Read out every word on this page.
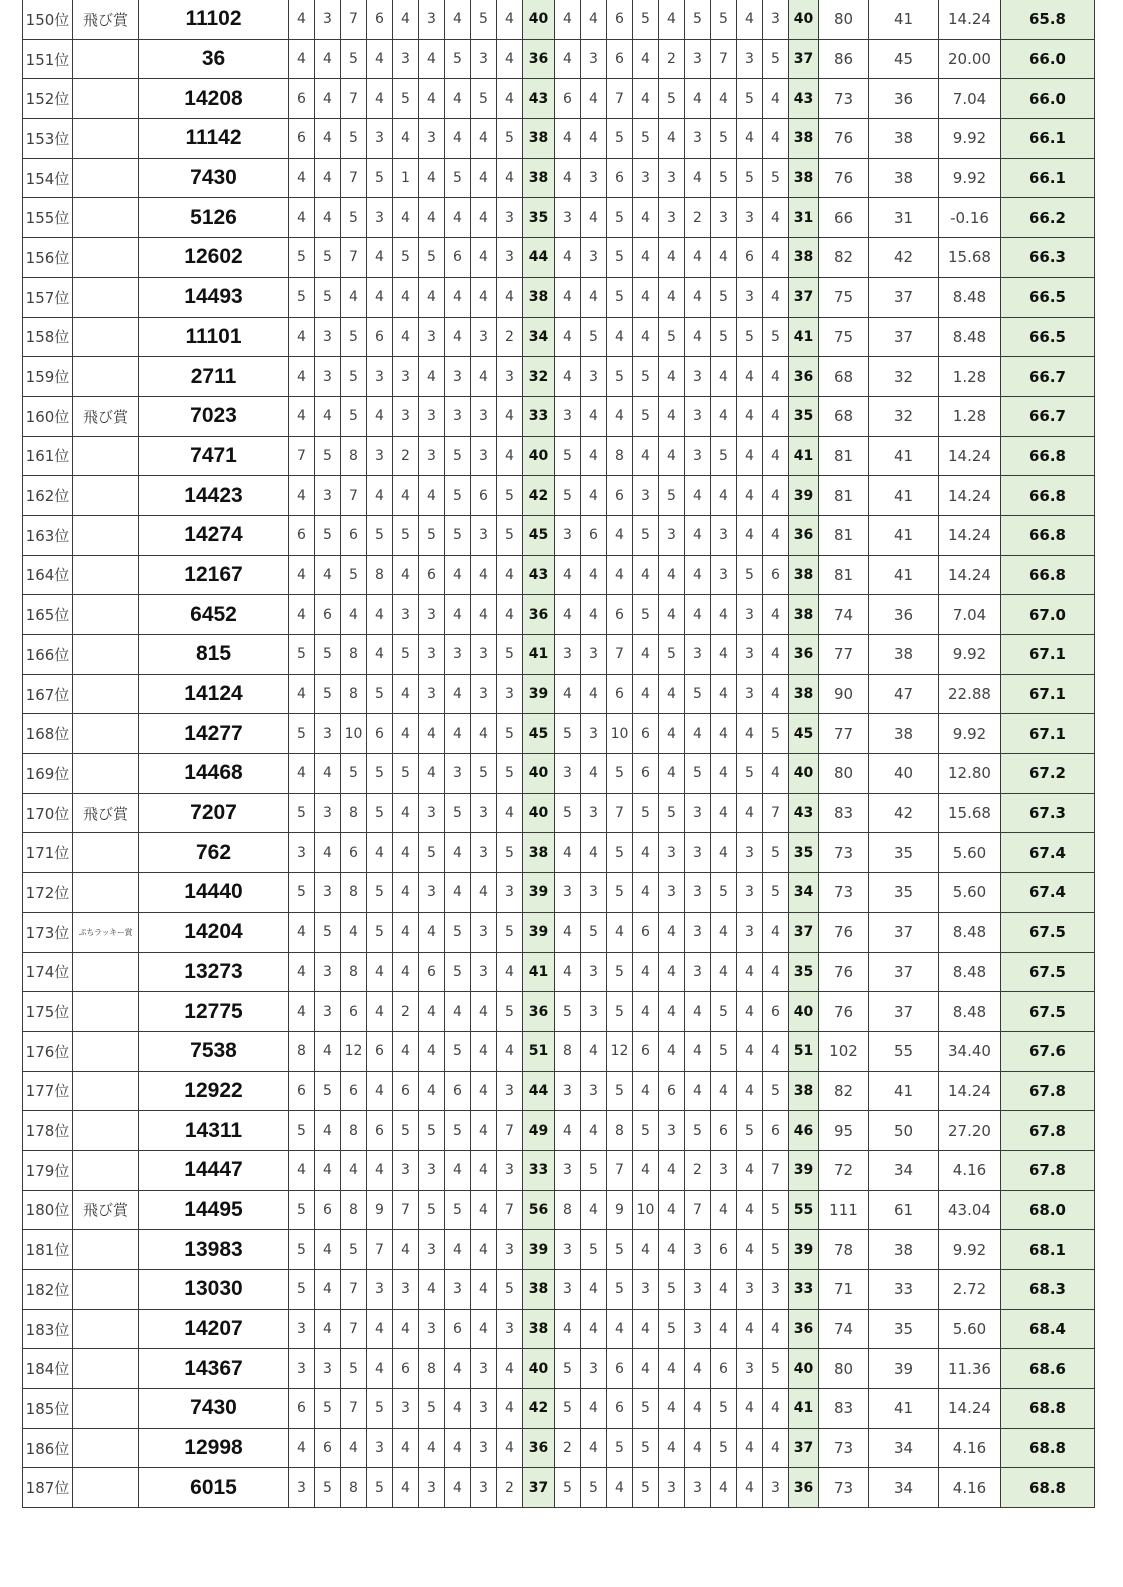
150位	飛び賞	11102	4	3	7	6	4	3	4	5	4	40	4	4	6	5	4	5	5	4	3	40	80	41	14.24	65.8
151位		36	4	4	5	4	3	4	5	3	4	36	4	3	6	4	2	3	7	3	5	37	86	45	20.00	66.0
152位		14208	6	4	7	4	5	4	4	5	4	43	6	4	7	4	5	4	4	5	4	43	73	36	7.04	66.0
153位		11142	6	4	5	3	4	3	4	4	5	38	4	4	5	5	4	3	5	4	4	38	76	38	9.92	66.1
154位		7430	4	4	7	5	1	4	5	4	4	38	4	3	6	3	3	4	5	5	5	38	76	38	9.92	66.1
155位		5126	4	4	5	3	4	4	4	4	3	35	3	4	5	4	3	2	3	3	4	31	66	31	-0.16	66.2
156位		12602	5	5	7	4	5	5	6	4	3	44	4	3	5	4	4	4	4	6	4	38	82	42	15.68	66.3
157位		14493	5	5	4	4	4	4	4	4	4	38	4	4	5	4	4	4	5	3	4	37	75	37	8.48	66.5
158位		11101	4	3	5	6	4	3	4	3	2	34	4	5	4	4	5	4	5	5	5	41	75	37	8.48	66.5
159位		2711	4	3	5	3	3	4	3	4	3	32	4	3	5	5	4	3	4	4	4	36	68	32	1.28	66.7
160位	飛び賞	7023	4	4	5	4	3	3	3	3	4	33	3	4	4	5	4	3	4	4	4	35	68	32	1.28	66.7
161位		7471	7	5	8	3	2	3	5	3	4	40	5	4	8	4	4	3	5	4	4	41	81	41	14.24	66.8
162位		14423	4	3	7	4	4	4	5	6	5	42	5	4	6	3	5	4	4	4	4	39	81	41	14.24	66.8
163位		14274	6	5	6	5	5	5	5	3	5	45	3	6	4	5	3	4	3	4	4	36	81	41	14.24	66.8
164位		12167	4	4	5	8	4	6	4	4	4	43	4	4	4	4	4	4	3	5	6	38	81	41	14.24	66.8
165位		6452	4	6	4	4	3	3	4	4	4	36	4	4	6	5	4	4	4	3	4	38	74	36	7.04	67.0
166位		815	5	5	8	4	5	3	3	3	5	41	3	3	7	4	5	3	4	3	4	36	77	38	9.92	67.1
167位		14124	4	5	8	5	4	3	4	3	3	39	4	4	6	4	4	5	4	3	4	38	90	47	22.88	67.1
168位		14277	5	3	10	6	4	4	4	4	5	45	5	3	10	6	4	4	4	4	5	45	77	38	9.92	67.1
169位		14468	4	4	5	5	5	4	3	5	5	40	3	4	5	6	4	5	4	5	4	40	80	40	12.80	67.2
170位	飛び賞	7207	5	3	8	5	4	3	5	3	4	40	5	3	7	5	5	3	4	4	7	43	83	42	15.68	67.3
171位		762	3	4	6	4	4	5	4	3	5	38	4	4	5	4	3	3	4	3	5	35	73	35	5.60	67.4
172位		14440	5	3	8	5	4	3	4	4	3	39	3	3	5	4	3	3	5	3	5	34	73	35	5.60	67.4
173位	ぷちラッキー賞	14204	4	5	4	5	4	4	5	3	5	39	4	5	4	6	4	3	4	3	4	37	76	37	8.48	67.5
174位		13273	4	3	8	4	4	6	5	3	4	41	4	3	5	4	4	3	4	4	4	35	76	37	8.48	67.5
175位		12775	4	3	6	4	2	4	4	4	5	36	5	3	5	4	4	4	5	4	6	40	76	37	8.48	67.5
176位		7538	8	4	12	6	4	4	5	4	4	51	8	4	12	6	4	4	5	4	4	51	102	55	34.40	67.6
177位		12922	6	5	6	4	6	4	6	4	3	44	3	3	5	4	6	4	4	4	5	38	82	41	14.24	67.8
178位		14311	5	4	8	6	5	5	5	4	7	49	4	4	8	5	3	5	6	5	6	46	95	50	27.20	67.8
179位		14447	4	4	4	4	3	3	4	4	3	33	3	5	7	4	4	2	3	4	7	39	72	34	4.16	67.8
180位	飛び賞	14495	5	6	8	9	7	5	5	4	7	56	8	4	9	10	4	7	4	4	5	55	111	61	43.04	68.0
181位		13983	5	4	5	7	4	3	4	4	3	39	3	5	5	4	4	3	6	4	5	39	78	38	9.92	68.1
182位		13030	5	4	7	3	3	4	3	4	5	38	3	4	5	3	5	3	4	3	3	33	71	33	2.72	68.3
183位		14207	3	4	7	4	4	3	6	4	3	38	4	4	4	4	5	3	4	4	4	36	74	35	5.60	68.4
184位		14367	3	3	5	4	6	8	4	3	4	40	5	3	6	4	4	4	6	3	5	40	80	39	11.36	68.6
185位		7430	6	5	7	5	3	5	4	3	4	42	5	4	6	5	4	4	5	4	4	41	83	41	14.24	68.8
186位		12998	4	6	4	3	4	4	4	3	4	36	2	4	5	5	4	4	5	4	4	37	73	34	4.16	68.8
187位		6015	3	5	8	5	4	3	4	3	2	37	5	5	4	5	3	3	4	4	3	36	73	34	4.16	68.8
